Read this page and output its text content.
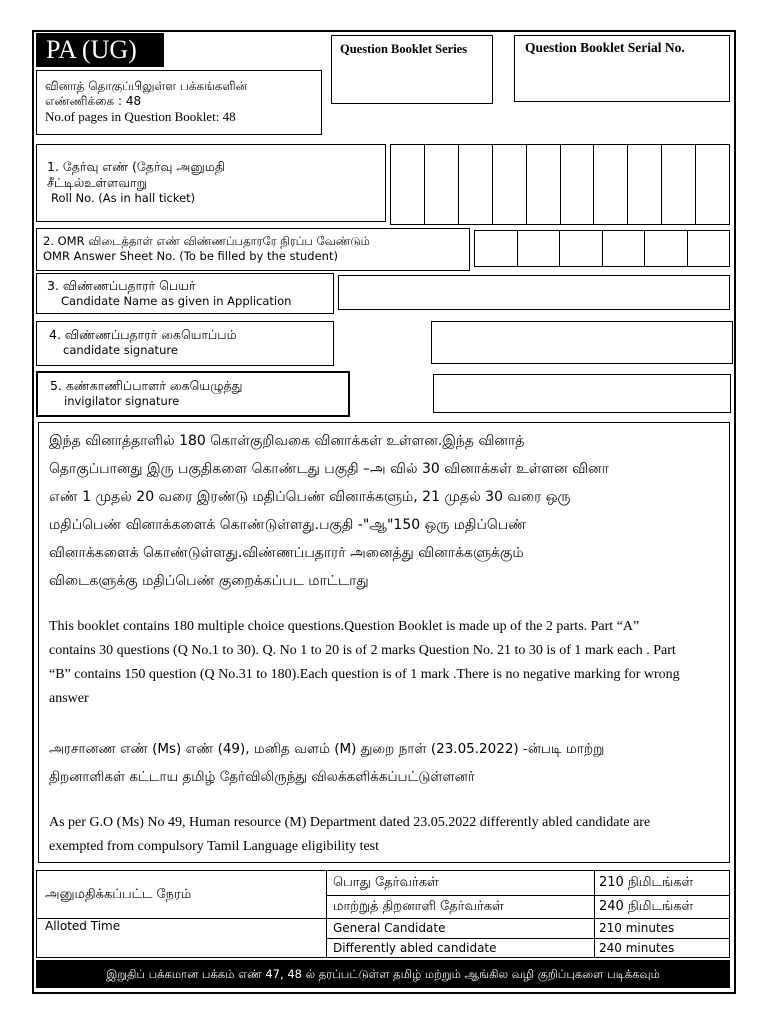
PA (UG)
வினாத் தொகுப்பிலுள்ள பக்கங்களின்
எண்ணிக்கை : 48
No.of pages in Question Booklet: 48
Question Booklet Series	Question Booklet Serial No.
1. தேர்வு எண் (தேர்வு அனுமதி
சீட்டில்உள்ளவாறு
Roll No. (As in hall ticket)
2. OMR விடைத்தாள் எண் விண்ணப்பதாரரே நிரப்ப வேண்டும்
OMR Answer Sheet No. (To be filled by the student)
3. விண்ணப்பதாரர் பெயர்
Candidate Name as given in Application
4. விண்ணப்பதாரர் கையொப்பம்
candidate signature
5. கண்காணிப்பாளர் கையெழுத்து
invigilator signature
இந்த வினாத்தாளில் 180 கொள்குறிவகை வினாக்கள் உள்ளன.இந்த வினாத்
தொகுப்பானது இரு பகுதிகளை கொண்டது பகுதி –அ வில் 30 வினாக்கள் உள்ளன வினா
எண் 1 முதல் 20 வரை இரண்டு மதிப்பெண் வினாக்களும், 21 முதல் 30 வரை ஒரு
மதிப்பெண் வினாக்களைக் கொண்டுள்ளது.பகுதி -"ஆ"150 ஒரு மதிப்பெண்
வினாக்களைக் கொண்டுள்ளது.விண்ணப்பதாரர் அனைத்து வினாக்களுக்கும்
விடைகளுக்கு மதிப்பெண் குறைக்கப்பட மாட்டாது
This booklet contains 180 multiple choice questions.Question Booklet is made up of the 2 parts. Part “A”
contains 30 questions (Q No.1 to 30). Q. No 1 to 20 is of 2 marks Question No. 21 to 30 is of 1 mark each . Part
“B” contains 150 question (Q No.31 to 180).Each question is of 1 mark .There is no negative marking for wrong
answer
அரசானண எண் (Ms) எண் (49), மனித வளம் (M) துறை நாள் (23.05.2022) -ன்படி மாற்று
திறனாளிகள் கட்டாய தமிழ் தேர்விலிருந்து விலக்களிக்கப்பட்டுள்ளனர்
As per G.O (Ms) No 49, Human resource (M) Department dated 23.05.2022 differently abled candidate are
exempted from compulsory Tamil Language eligibility test
அனுமதிக்கப்பட்ட நேரம்	பொது தேர்வர்கள்	210 நிமிடங்கள்
	மாற்றுத் திறனாளி தேர்வர்கள்	240 நிமிடங்கள்
Alloted Time	General Candidate	210 minutes
	Differently abled candidate	240 minutes
இறுதிப் பக்கமான பக்கம் எண் 47, 48 ல் தரப்பட்டுள்ள தமிழ் மற்றும் ஆங்கில வழி குறிப்புகளை படிக்கவும்
